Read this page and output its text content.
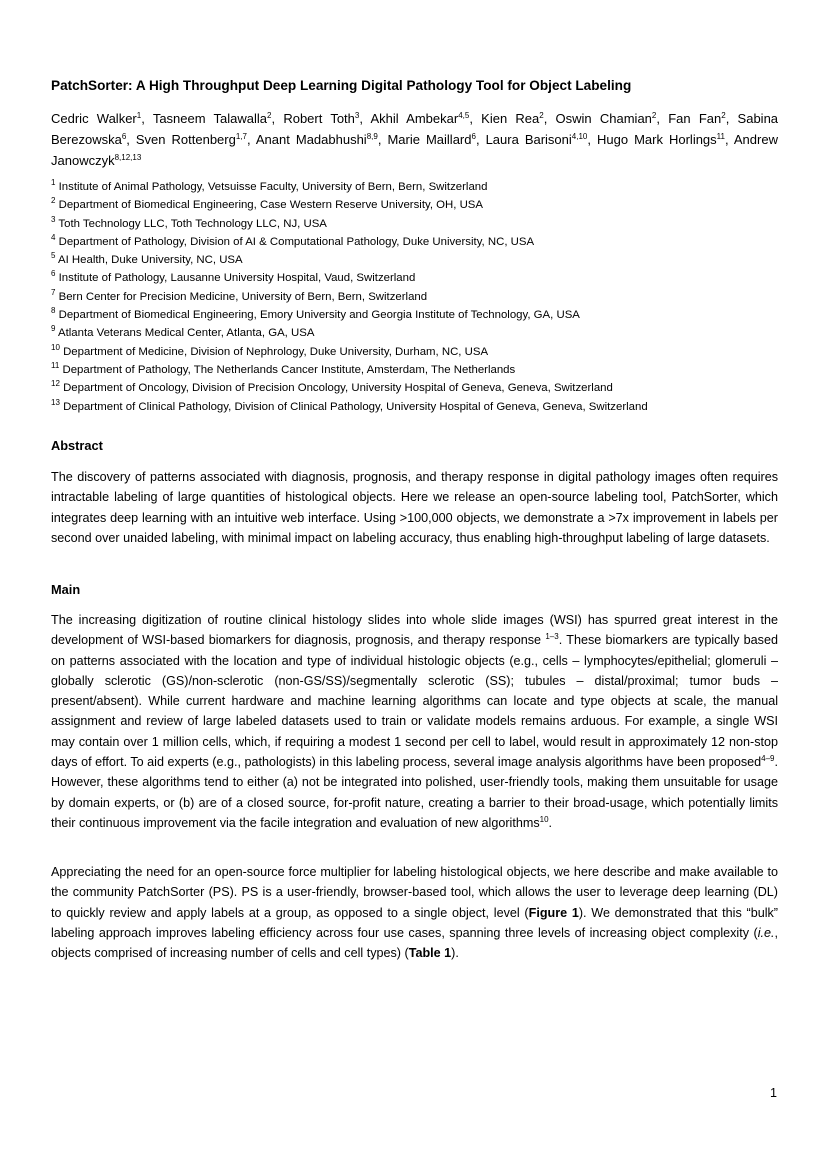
PatchSorter: A High Throughput Deep Learning Digital Pathology Tool for Object Labeling
Cedric Walker$^1$, Tasneem Talawalla$^2$, Robert Toth$^3$, Akhil Ambekar$^{4,5}$, Kien Rea$^2$, Oswin Chamian$^2$, Fan Fan$^2$, Sabina Berezowska$^6$, Sven Rottenberg$^{1,7}$, Anant Madabhushi$^{8,9}$, Marie Maillard$^6$, Laura Barisoni$^{4,10}$, Hugo Mark Horlings$^{11}$, Andrew Janowczyk$^{8,12,13}$
$^1$ Institute of Animal Pathology, Vetsuisse Faculty, University of Bern, Bern, Switzerland
$^2$ Department of Biomedical Engineering, Case Western Reserve University, OH, USA
$^3$ Toth Technology LLC, Toth Technology LLC, NJ, USA
$^4$ Department of Pathology, Division of AI & Computational Pathology, Duke University, NC, USA
$^5$ AI Health, Duke University, NC, USA
$^6$ Institute of Pathology, Lausanne University Hospital, Vaud, Switzerland
$^7$ Bern Center for Precision Medicine, University of Bern, Bern, Switzerland
$^8$ Department of Biomedical Engineering, Emory University and Georgia Institute of Technology, GA, USA
$^9$ Atlanta Veterans Medical Center, Atlanta, GA, USA
$^{10}$ Department of Medicine, Division of Nephrology, Duke University, Durham, NC, USA
$^{11}$ Department of Pathology, The Netherlands Cancer Institute, Amsterdam, The Netherlands
$^{12}$ Department of Oncology, Division of Precision Oncology, University Hospital of Geneva, Geneva, Switzerland
$^{13}$ Department of Clinical Pathology, Division of Clinical Pathology, University Hospital of Geneva, Geneva, Switzerland
Abstract
The discovery of patterns associated with diagnosis, prognosis, and therapy response in digital pathology images often requires intractable labeling of large quantities of histological objects. Here we release an open-source labeling tool, PatchSorter, which integrates deep learning with an intuitive web interface. Using >100,000 objects, we demonstrate a >7x improvement in labels per second over unaided labeling, with minimal impact on labeling accuracy, thus enabling high-throughput labeling of large datasets.
Main
The increasing digitization of routine clinical histology slides into whole slide images (WSI) has spurred great interest in the development of WSI-based biomarkers for diagnosis, prognosis, and therapy response $^{1-3}$. These biomarkers are typically based on patterns associated with the location and type of individual histologic objects (e.g., cells – lymphocytes/epithelial; glomeruli – globally sclerotic (GS)/non-sclerotic (non-GS/SS)/segmentally sclerotic (SS); tubules – distal/proximal; tumor buds – present/absent). While current hardware and machine learning algorithms can locate and type objects at scale, the manual assignment and review of large labeled datasets used to train or validate models remains arduous. For example, a single WSI may contain over 1 million cells, which, if requiring a modest 1 second per cell to label, would result in approximately 12 non-stop days of effort. To aid experts (e.g., pathologists) in this labeling process, several image analysis algorithms have been proposed$^{4-9}$. However, these algorithms tend to either (a) not be integrated into polished, user-friendly tools, making them unsuitable for usage by domain experts, or (b) are of a closed source, for-profit nature, creating a barrier to their broad-usage, which potentially limits their continuous improvement via the facile integration and evaluation of new algorithms$^{10}$.
Appreciating the need for an open-source force multiplier for labeling histological objects, we here describe and make available to the community PatchSorter (PS). PS is a user-friendly, browser-based tool, which allows the user to leverage deep learning (DL) to quickly review and apply labels at a group, as opposed to a single object, level (Figure 1). We demonstrated that this “bulk” labeling approach improves labeling efficiency across four use cases, spanning three levels of increasing object complexity (i.e., objects comprised of increasing number of cells and cell types) (Table 1).
1
